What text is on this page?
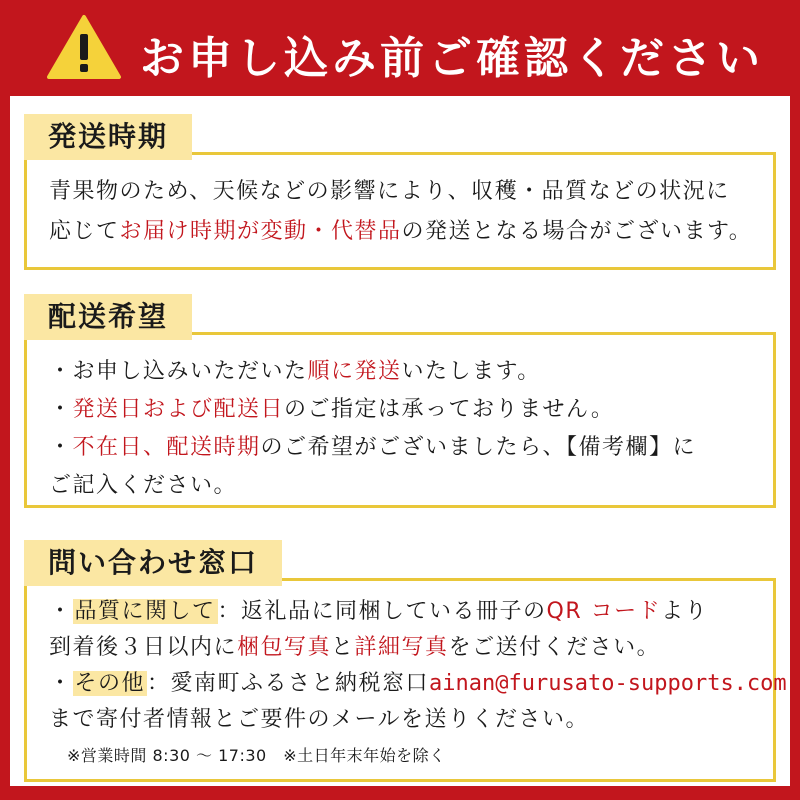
お申し込み前ご確認ください
発送時期
青果物のため、天候などの影響により、収穫・品質などの状況に
応じてお届け時期が変動・代替品の発送となる場合がございます。
配送希望
・お申し込みいただいた順に発送いたします。
・発送日および配送日のご指定は承っておりません。
・不在日、配送時期のご希望がございましたら、【備考欄】に
ご記入ください。
問い合わせ窓口
・品質に関して：返礼品に同梱している冊子のQR コードより
到着後３日以内に梱包写真と詳細写真をご送付ください。
・その他：愛南町ふるさと納税窓口ainan@furusato-supports.com
まで寄付者情報とご要件のメールを送りください。
※営業時間 8:30 ～ 17:30　※土日年末年始を除く
